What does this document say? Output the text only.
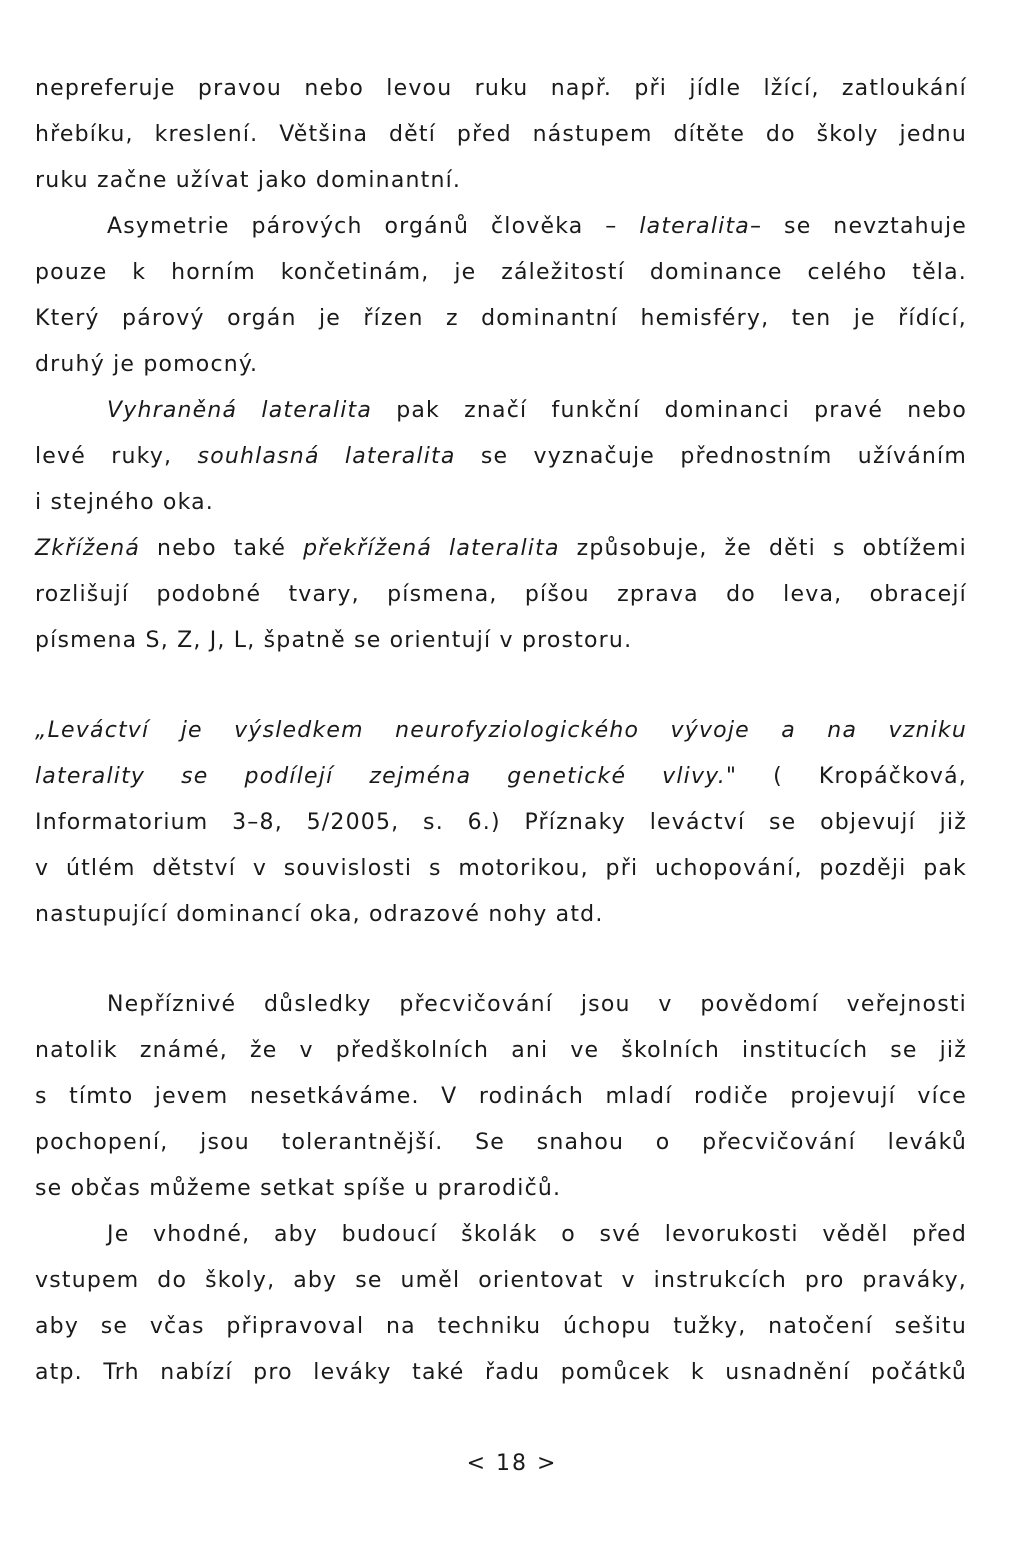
nepreferuje pravou nebo levou ruku např. při jídle lžící, zatloukání
hřebíku, kreslení. Většina dětí před nástupem dítěte do školy jednu
ruku začne užívat jako dominantní.
Asymetrie párových orgánů člověka – lateralita– se nevztahuje
pouze k horním končetinám, je záležitostí dominance celého těla.
Který párový orgán je řízen z dominantní hemisféry, ten je řídící,
druhý je pomocný.
Vyhraněná lateralita pak značí funkční dominanci pravé nebo
levé ruky, souhlasná lateralita se vyznačuje přednostním užíváním
i stejného oka.
Zkřížená nebo také překřížená lateralita způsobuje, že děti s obtížemi
rozlišují podobné tvary, písmena, píšou zprava do leva, obracejí
písmena S, Z, J, L, špatně se orientují v prostoru.
„Leváctví je výsledkem neurofyziologického vývoje a na vzniku
laterality se podílejí zejména genetické vlivy." ( Kropáčková,
Informatorium 3–8, 5/2005, s. 6.) Příznaky leváctví se objevují již
v útlém dětství v souvislosti s motorikou, při uchopování, později pak
nastupující dominancí oka, odrazové nohy atd.
Nepříznivé důsledky přecvičování jsou v povědomí veřejnosti
natolik známé, že v předškolních ani ve školních institucích se již
s tímto jevem nesetkáváme. V rodinách mladí rodiče projevují více
pochopení, jsou tolerantnější. Se snahou o přecvičování leváků
se občas můžeme setkat spíše u prarodičů.
Je vhodné, aby budoucí školák o své levorukosti věděl před
vstupem do školy, aby se uměl orientovat v instrukcích pro praváky,
aby se včas připravoval na techniku úchopu tužky, natočení sešitu
atp. Trh nabízí pro leváky také řadu pomůcek k usnadnění počátků
< 18 >
